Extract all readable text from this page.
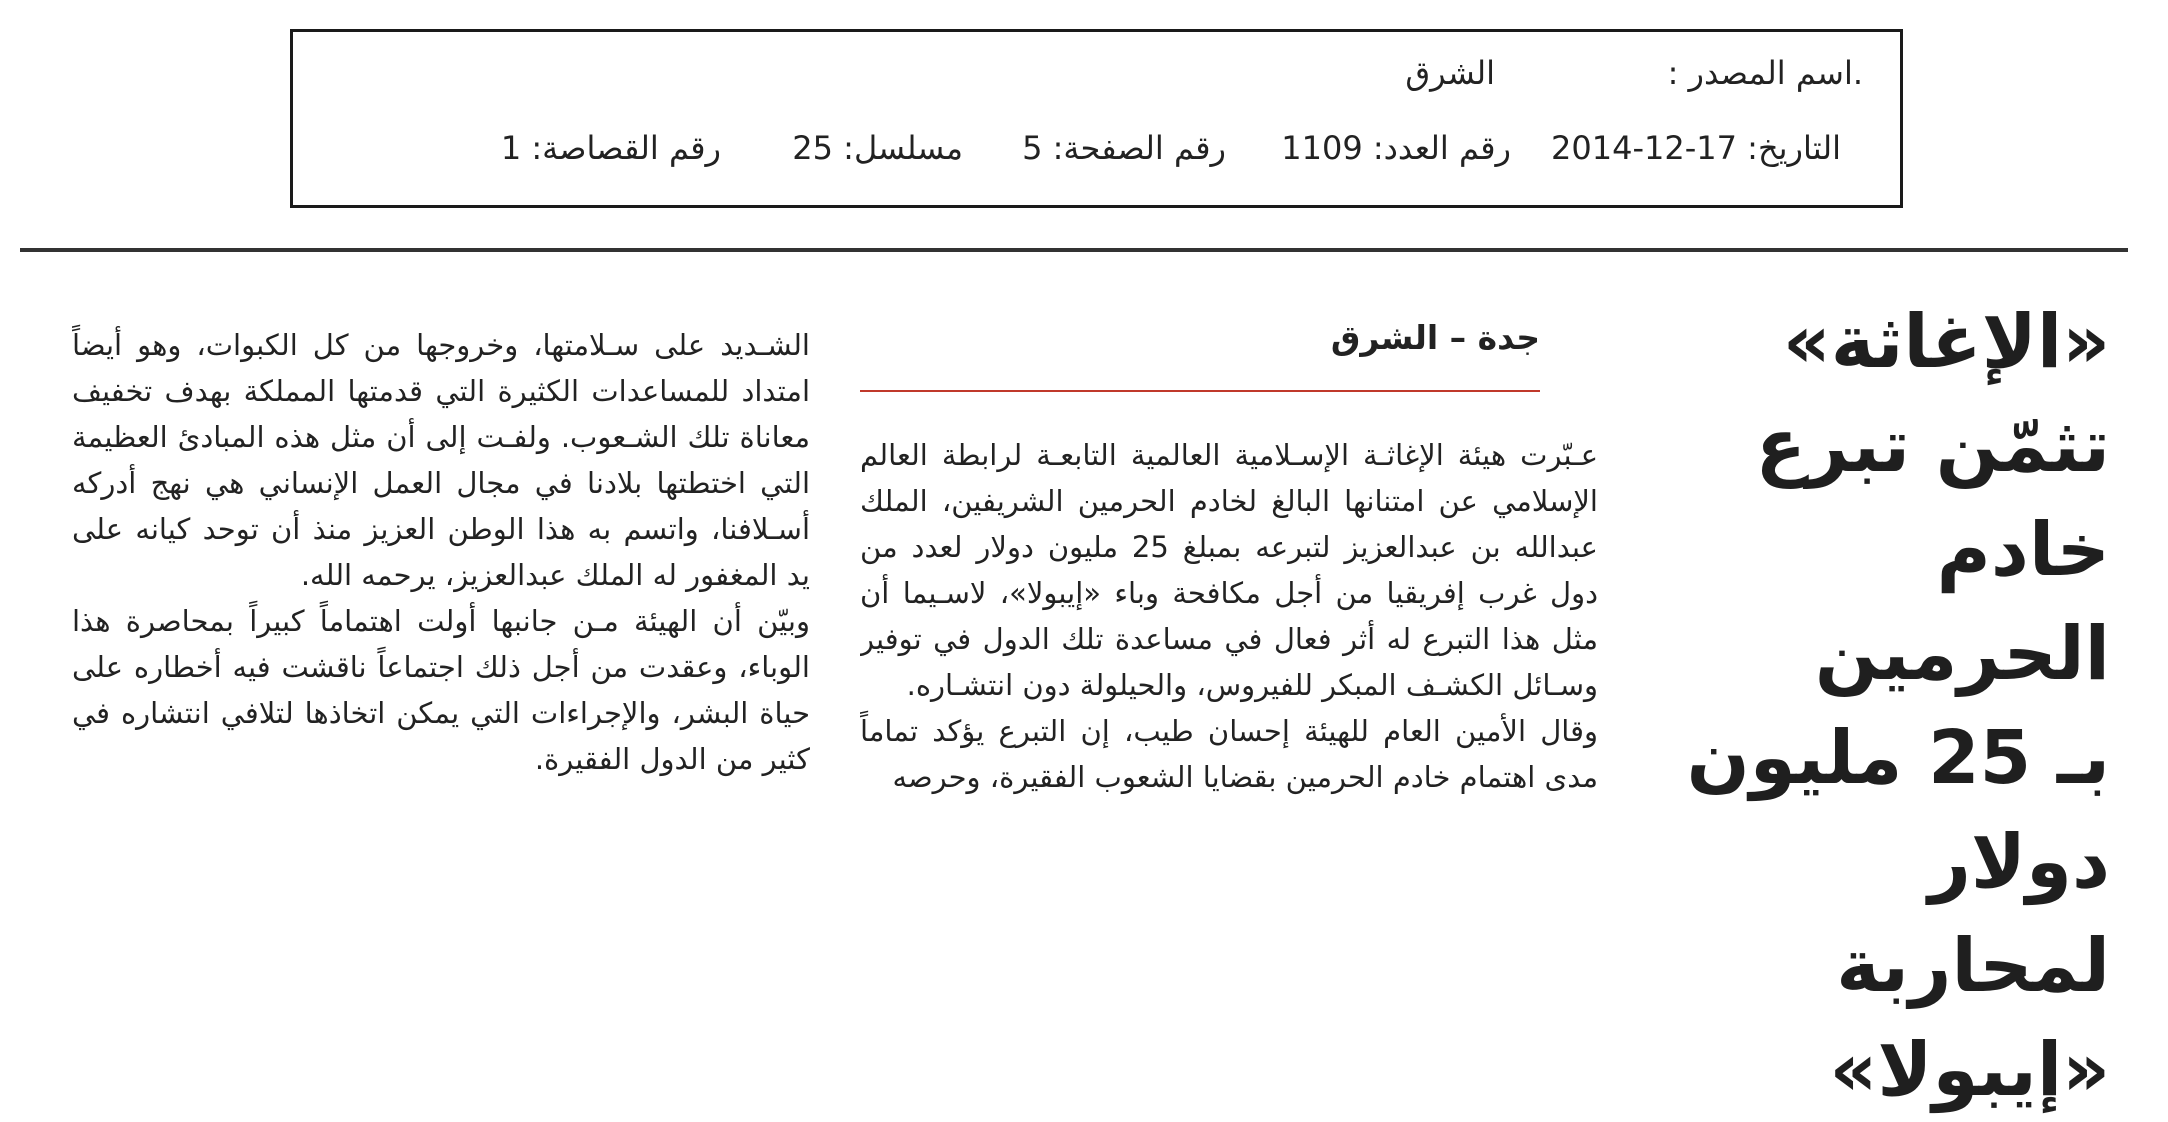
.اسم المصدر :
الشرق
التاريخ: 2014-12-17
رقم العدد: 1109
رقم الصفحة: 5
مسلسل: 25
رقم القصاصة: 1
«الإغاثة»
تثمّن تبرع
خادم الحرمين
بـ 25 مليون
دولار لمحاربة
«إيبولا»
جدة – الشرق

عـبّرت هيئة الإغاثـة الإسـلامية العالمية التابعـة لرابطة العالم الإسلامي عن امتنانها البالغ لخادم الحرمين الشريفين، الملك عبدالله بن عبدالعزيز لتبرعه بمبلغ 25 مليون دولار لعدد من دول غرب إفريقيا من أجل مكافحة وباء «إيبولا»، لاسـيما أن مثل هذا التبرع له أثر فعال في مساعدة تلك الدول في توفير وسـائل الكشـف المبكر للفيروس، والحيلولة دون انتشـاره.

وقال الأمين العام للهيئة إحسان طيب، إن التبرع يؤكد تماماً مدى اهتمام خادم الحرمين بقضايا الشعوب الفقيرة، وحرصه

الشـديد على سـلامتها، وخروجها من كل الكبوات، وهو أيضاً امتداد للمساعدات الكثيرة التي قدمتها المملكة بهدف تخفيف معاناة تلك الشـعوب. ولفـت إلى أن مثل هذه المبادئ العظيمة التي اختطتها بلادنا في مجال العمل الإنساني هي نهج أدركه أسـلافنا، واتسم به هذا الوطن العزيز منذ أن توحد كيانه على يد المغفور له الملك عبدالعزيز، يرحمه الله.

وبيّن أن الهيئة مـن جانبها أولت اهتماماً كبيراً بمحاصرة هذا الوباء، وعقدت من أجل ذلك اجتماعاً ناقشت فيه أخطاره على حياة البشر، والإجراءات التي يمكن اتخاذها لتلافي انتشاره في كثير من الدول الفقيرة.
